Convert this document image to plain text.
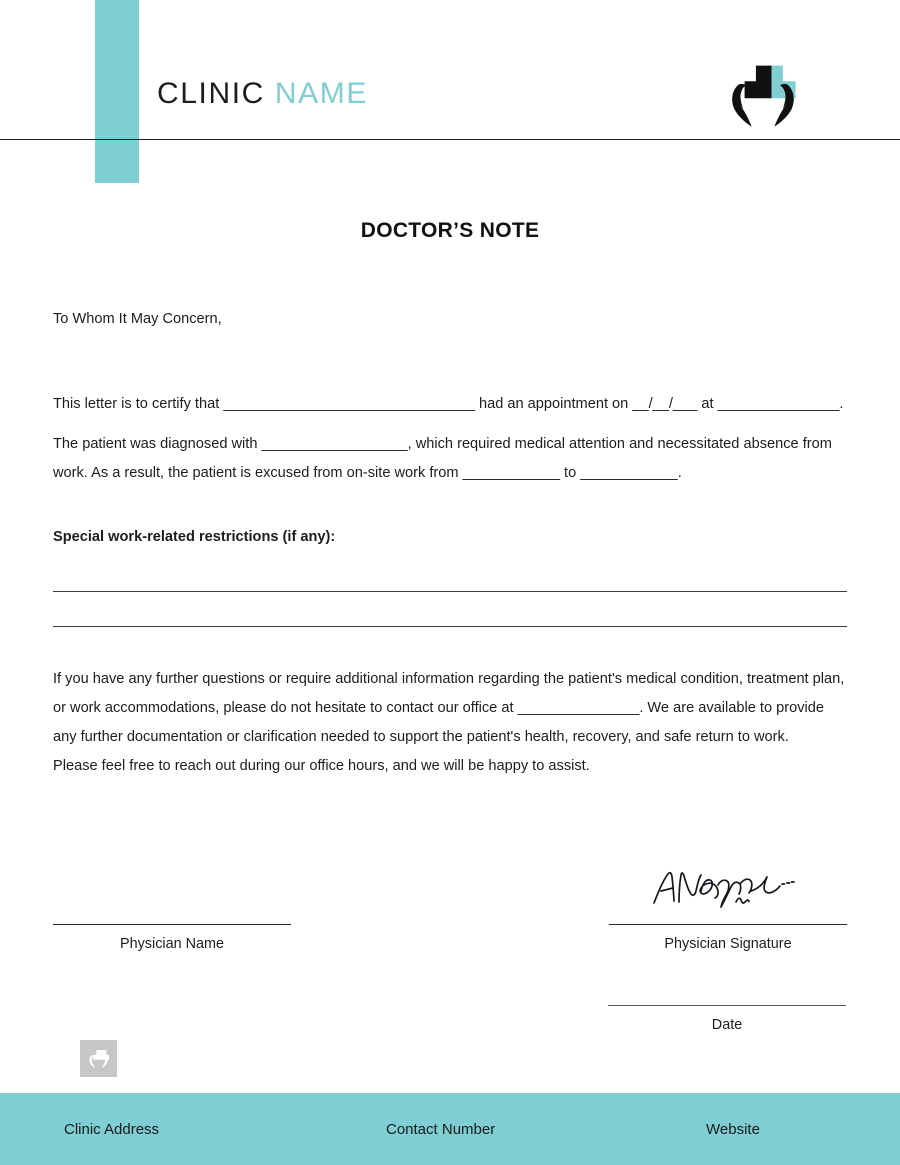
CLINIC NAME
DOCTOR’S NOTE

To Whom It May Concern,

This letter is to certify that _______________________________ had an appointment on __/__/___ at _______________.

The patient was diagnosed with __________________, which required medical attention and necessitated absence from work. As a result, the patient is excused from on-site work from ____________ to ____________.

Special work-related restrictions (if any):

If you have any further questions or require additional information regarding the patient's medical condition, treatment plan, or work accommodations, please do not hesitate to contact our office at _______________. We are available to provide any further documentation or clarification needed to support the patient's health, recovery, and safe return to work.

Please feel free to reach out during our office hours, and we will be happy to assist.

Physician Name	Physician Signature
Date
Clinic Address	Contact Number	Website
